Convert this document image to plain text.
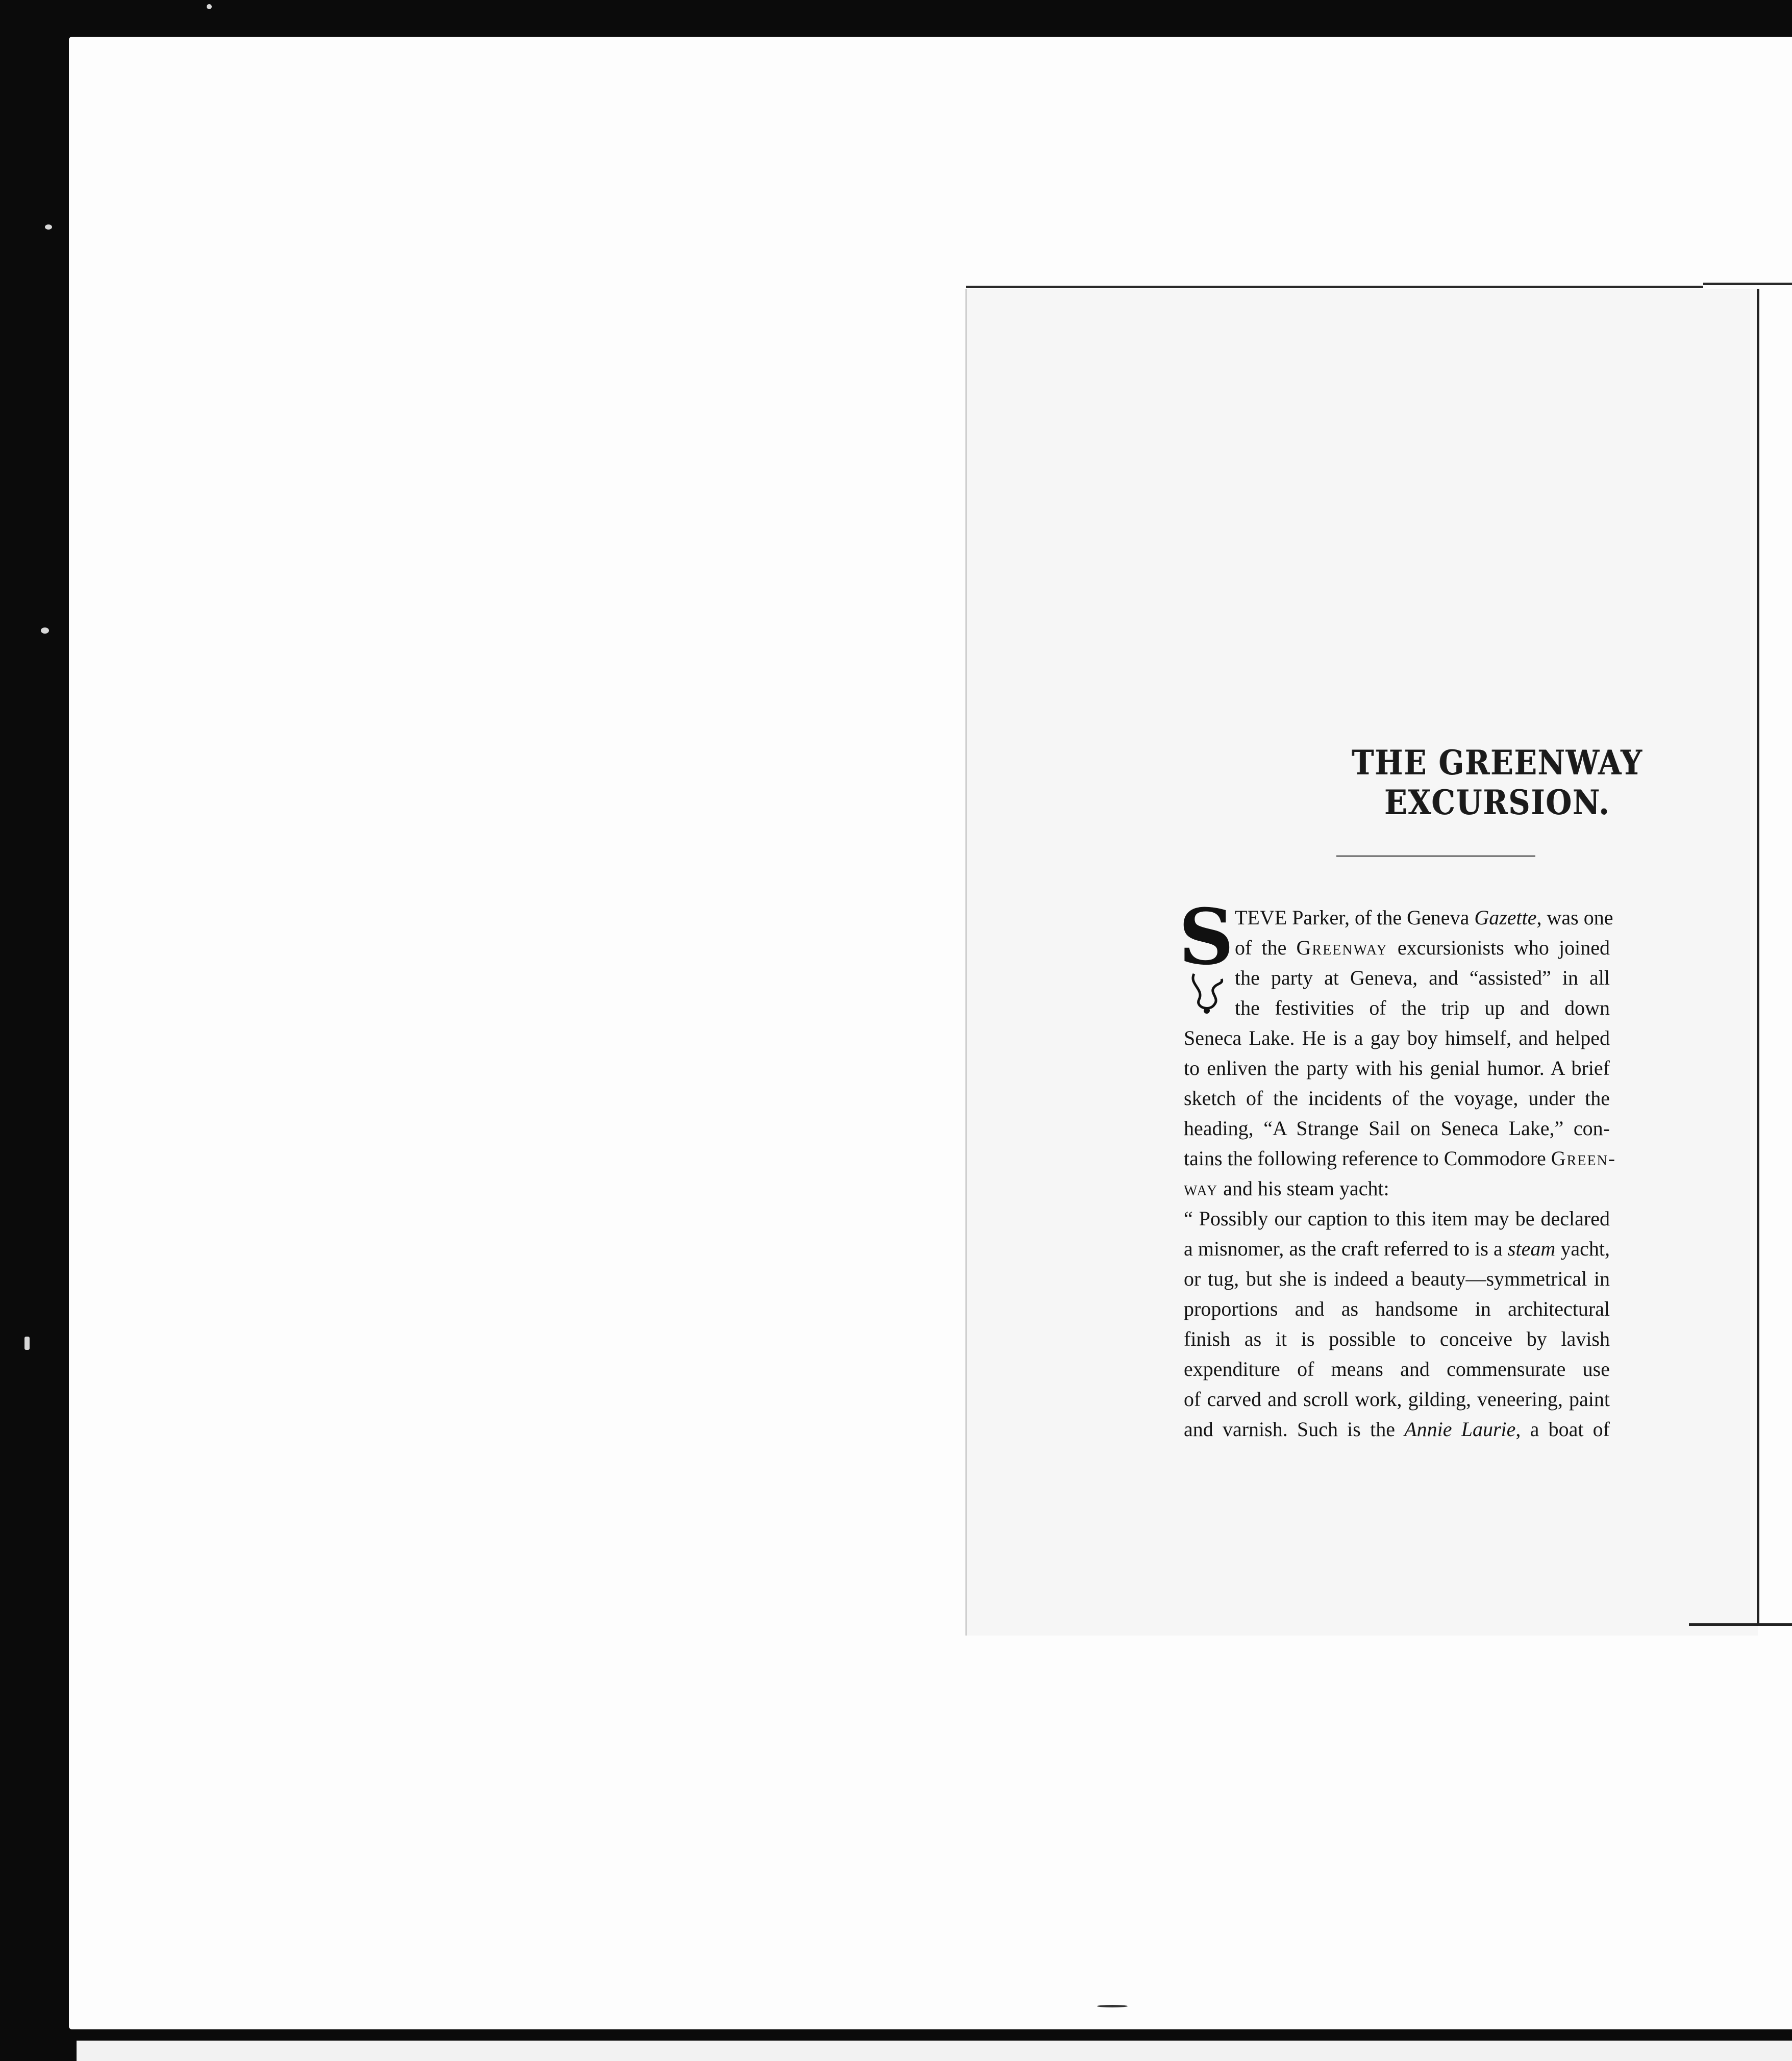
THE GREENWAY EXCURSION.
S TEVE Parker, of the Geneva Gazette, was one
of the Greenway excursionists who joined
the party at Geneva, and “assisted” in all
the festivities of the trip up and down
Seneca Lake. He is a gay boy himself, and helped
to enliven the party with his genial humor. A brief
sketch of the incidents of the voyage, under the
heading, “A Strange Sail on Seneca Lake,” con-
tains the following reference to Commodore Green-
way and his steam yacht:
“ Possibly our caption to this item may be declared
a misnomer, as the craft referred to is a steam yacht,
or tug, but she is indeed a beauty—symmetrical in
proportions and as handsome in architectural
finish as it is possible to conceive by lavish
expenditure of means and commensurate use
of carved and scroll work, gilding, veneering, paint
and varnish. Such is the Annie Laurie, a boat of
